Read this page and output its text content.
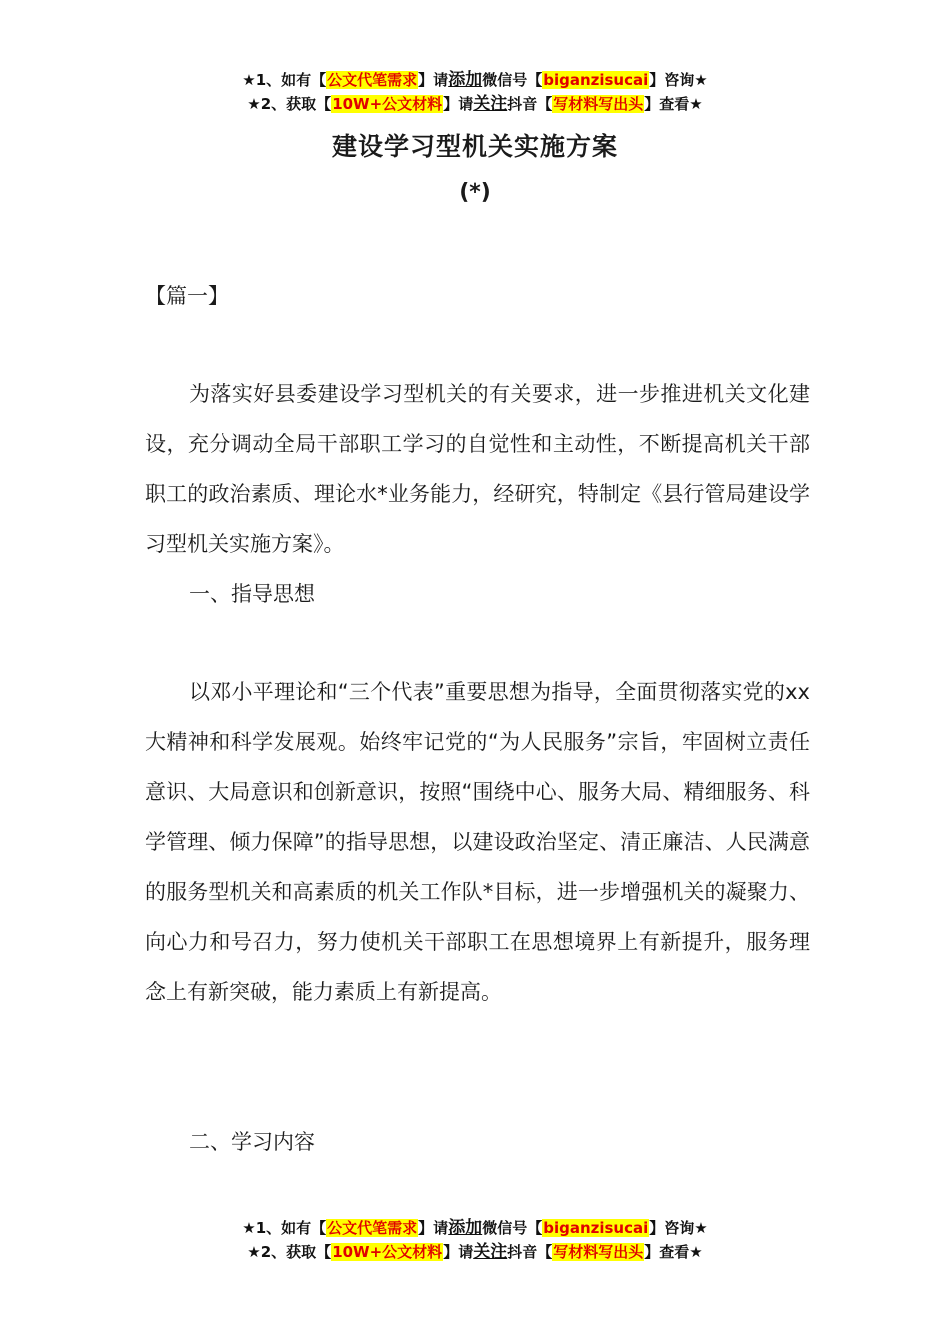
★1、如有【公文代笔需求】请添加微信号【biganzisucai】咨询★
★2、获取【10W+公文材料】请关注抖音【写材料写出头】查看★
建设学习型机关实施方案
(*)
【篇一】

为落实好县委建设学习型机关的有关要求，进一步推进机关文化建设，充分调动全局干部职工学习的自觉性和主动性，不断提高机关干部职工的政治素质、理论水*业务能力，经研究，特制定《县行管局建设学习型机关实施方案》。

一、指导思想

以邓小平理论和“三个代表”重要思想为指导，全面贯彻落实党的xx大精神和科学发展观。始终牢记党的“为人民服务”宗旨，牢固树立责任意识、大局意识和创新意识，按照“围绕中心、服务大局、精细服务、科学管理、倾力保障”的指导思想，以建设政治坚定、清正廉洁、人民满意的服务型机关和高素质的机关工作队*目标，进一步增强机关的凝聚力、向心力和号召力，努力使机关干部职工在思想境界上有新提升，服务理念上有新突破，能力素质上有新提高。

二、学习内容
★1、如有【公文代笔需求】请添加微信号【biganzisucai】咨询★
★2、获取【10W+公文材料】请关注抖音【写材料写出头】查看★
